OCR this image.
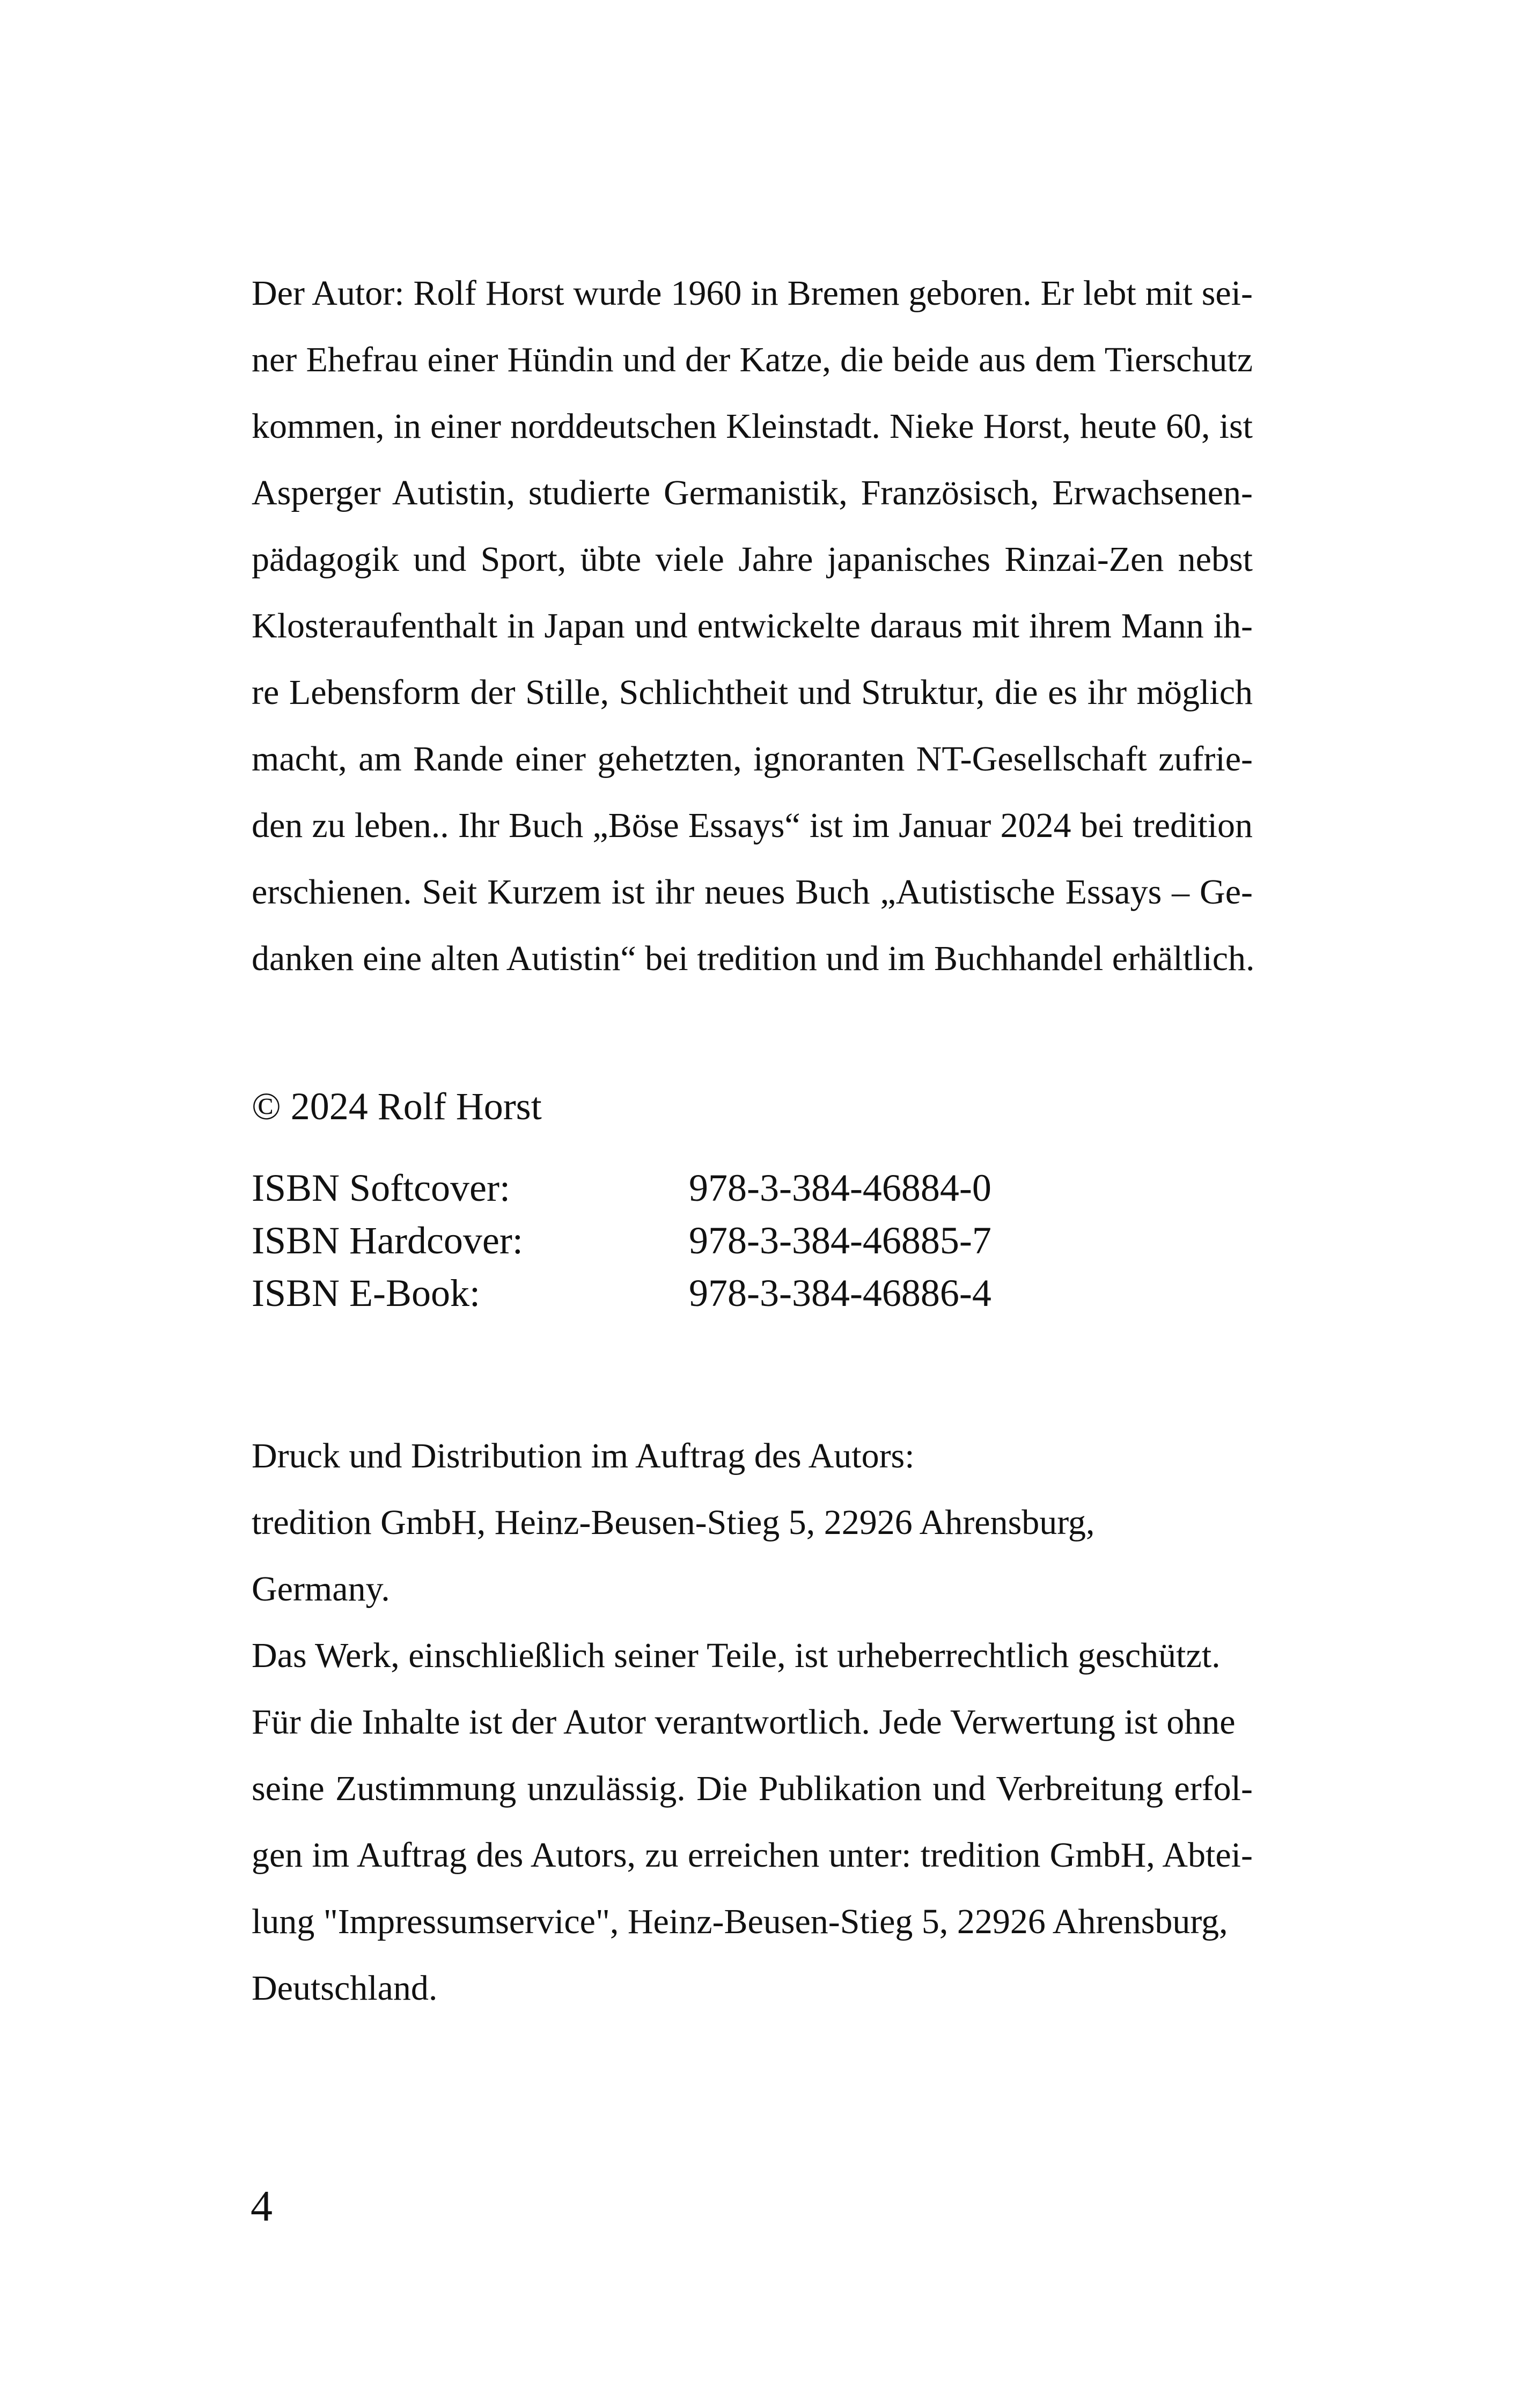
Der Autor: Rolf Horst wurde 1960 in Bremen geboren. Er lebt mit sei-
ner Ehefrau einer Hündin und der Katze, die beide aus dem Tierschutz
kommen, in einer norddeutschen Kleinstadt. Nieke Horst, heute 60, ist
Asperger Autistin, studierte Germanistik, Französisch, Erwachsenen-
pädagogik und Sport, übte viele Jahre japanisches Rinzai-Zen nebst
Klosteraufenthalt in Japan und entwickelte daraus mit ihrem Mann ih-
re Lebensform der Stille, Schlichtheit und Struktur, die es ihr möglich
macht, am Rande einer gehetzten, ignoranten NT-Gesellschaft zufrie-
den zu leben.. Ihr Buch „Böse Essays“ ist im Januar 2024 bei tredition
erschienen. Seit Kurzem ist ihr neues Buch „Autistische Essays – Ge-
danken eine alten Autistin“ bei tredition und im Buchhandel erhältlich.
© 2024 Rolf Horst
ISBN Softcover:	978-3-384-46884-0
ISBN Hardcover:	978-3-384-46885-7
ISBN E-Book:	978-3-384-46886-4
Druck und Distribution im Auftrag des Autors:
tredition GmbH, Heinz-Beusen-Stieg 5, 22926 Ahrensburg,
Germany.
Das Werk, einschließlich seiner Teile, ist urheberrechtlich geschützt.
Für die Inhalte ist der Autor verantwortlich. Jede Verwertung ist ohne
seine Zustimmung unzulässig. Die Publikation und Verbreitung erfol-
gen im Auftrag des Autors, zu erreichen unter: tredition GmbH, Abtei-
lung "Impressumservice", Heinz-Beusen-Stieg 5, 22926 Ahrensburg,
Deutschland.
4
